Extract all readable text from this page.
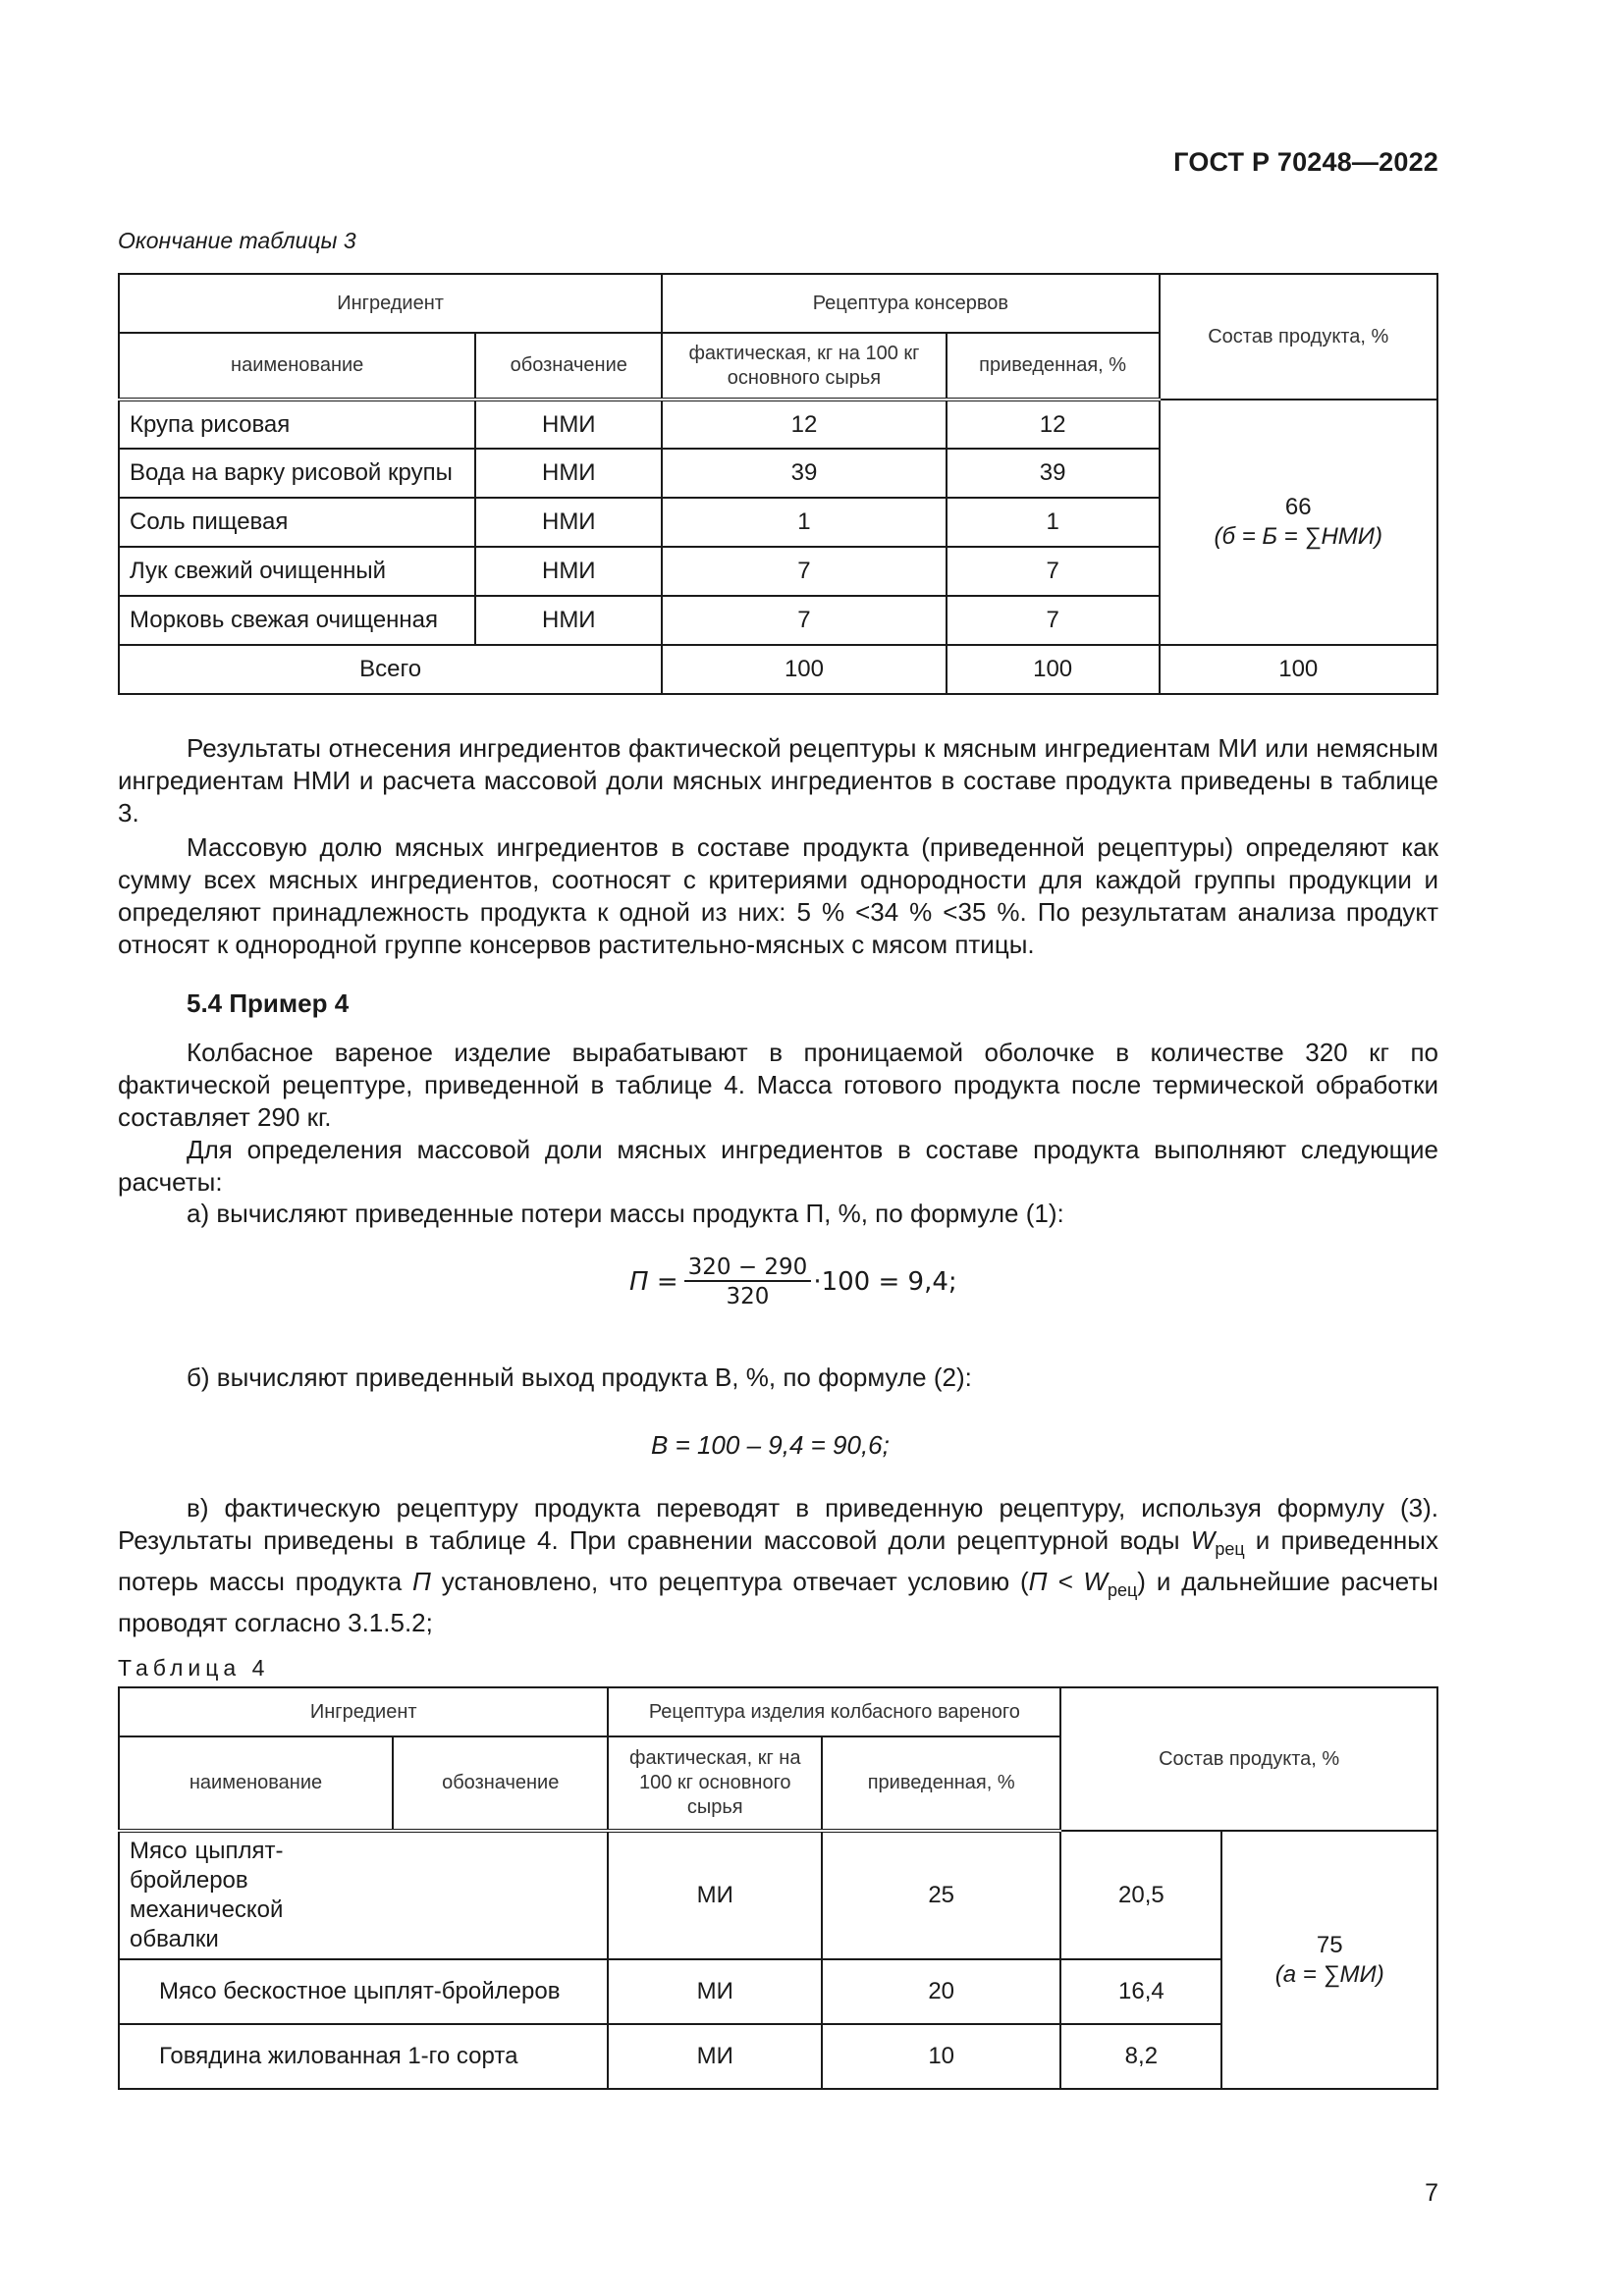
ГОСТ Р 70248—2022
Окончание таблицы 3
Ингредиент		Рецептура консервов		Состав продукта, %
наименование	обозначение	фактическая, кг на 100 кг основного сырья	приведенная, %	
Крупа рисовая	НМИ	12	12	66
(б = Б = ∑НМИ)

Вода на варку рисовой крупы	НМИ	39	39	
Соль пищевая	НМИ	1	1	
Лук свежий очищенный	НМИ	7	7	
Морковь свежая очищенная	НМИ	7	7	
Всего		100	100	100
Результаты отнесения ингредиентов фактической рецептуры к мясным ингредиентам МИ или немясным ингредиентам НМИ и расчета массовой доли мясных ингредиентов в составе продукта приведены в таблице 3.
Массовую долю мясных ингредиентов в составе продукта (приведенной рецептуры) определяют как сумму всех мясных ингредиентов, соотносят с критериями однородности для каждой группы продукции и определяют принадлежность продукта к одной из них: 5 % <34 % <35 %. По результатам анализа продукт относят к однородной группе консервов растительно-мясных с мясом птицы.
5.4 Пример 4
Колбасное вареное изделие вырабатывают в проницаемой оболочке в количестве 320 кг по фактической рецептуре, приведенной в таблице 4. Масса готового продукта после термической обработки составляет 290 кг.
Для определения массовой доли мясных ингредиентов в составе продукта выполняют следующие расчеты:
а) вычисляют приведенные потери массы продукта П, %, по формуле (1):
П =	320 − 290	·100 = 9,4;
320
б) вычисляют приведенный выход продукта В, %, по формуле (2):
В = 100 – 9,4 = 90,6;
в) фактическую рецептуру продукта переводят в приведенную рецептуру, используя формулу (3). Результаты приведены в таблице 4. При сравнении массовой доли рецептурной воды $W_{рец}$ и приведенных потерь массы продукта П установлено, что рецептура отвечает условию $(П < W_{рец})$ и дальнейшие расчеты проводят согласно 3.1.5.2;
Таблица 4
Ингредиент		Рецептура изделия колбасного вареного		Состав продукта, %	
наименование	обозначение	фактическая, кг на 100 кг основного сырья	приведенная, %		
Мясо цыплят-бройлеров механической обвалки		МИ	25	20,5	75
(а = ∑МИ)

Мясо бескостное цыплят-бройлеров		МИ	20	16,4	
Говядина жилованная 1-го сорта		МИ	10	8,2	
7
